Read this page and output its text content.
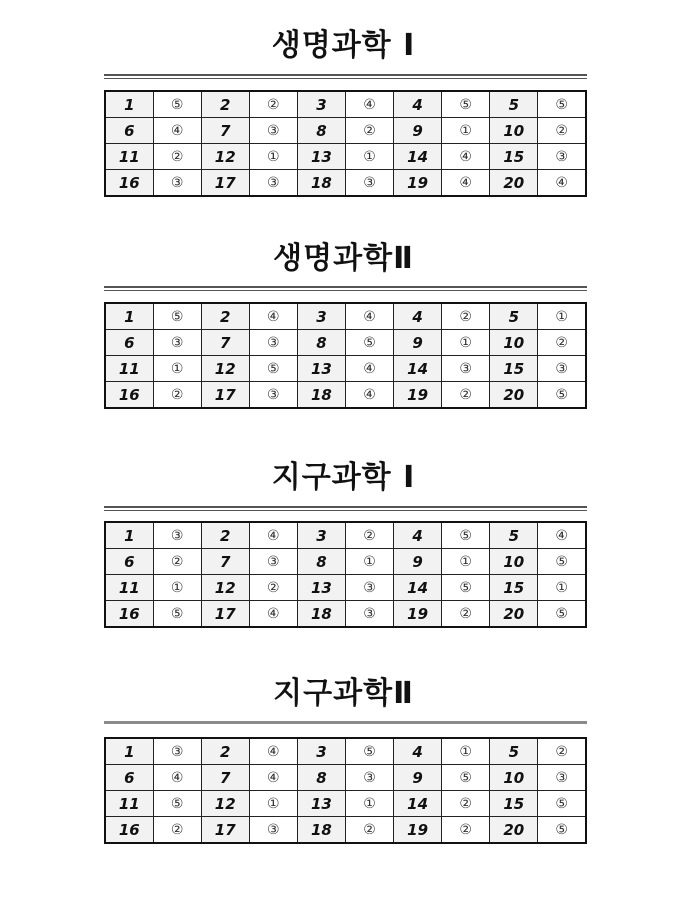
생명과학 Ⅰ
1	⑤	2	②	3	④	4	⑤	5	⑤
6	④	7	③	8	②	9	①	10	②
11	②	12	①	13	①	14	④	15	③
16	③	17	③	18	③	19	④	20	④
생명과학Ⅱ
1	⑤	2	④	3	④	4	②	5	①
6	③	7	③	8	⑤	9	①	10	②
11	①	12	⑤	13	④	14	③	15	③
16	②	17	③	18	④	19	②	20	⑤
지구과학 Ⅰ
1	③	2	④	3	②	4	⑤	5	④
6	②	7	③	8	①	9	①	10	⑤
11	①	12	②	13	③	14	⑤	15	①
16	⑤	17	④	18	③	19	②	20	⑤
지구과학Ⅱ
1	③	2	④	3	⑤	4	①	5	②
6	④	7	④	8	③	9	⑤	10	③
11	⑤	12	①	13	①	14	②	15	⑤
16	②	17	③	18	②	19	②	20	⑤
